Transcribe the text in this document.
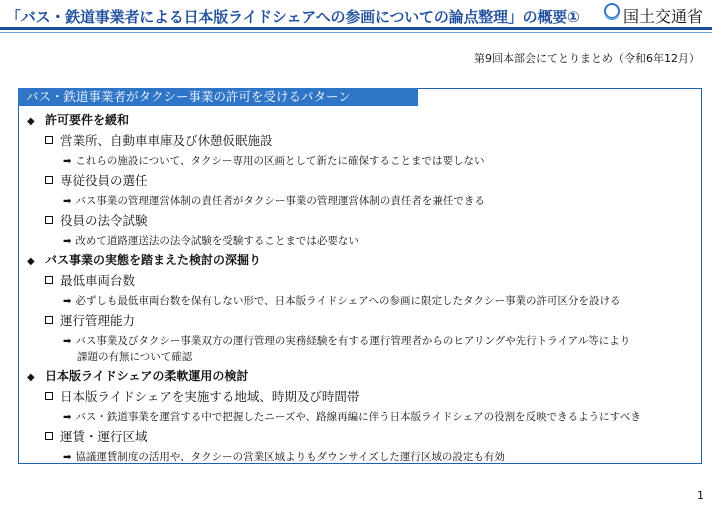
「バス・鉄道事業者による日本版ライドシェアへの参画についての論点整理」の概要①	国土交通省
第9回本部会にてとりまとめ（令和6年12月）
バス・鉄道事業者がタクシー事業の許可を受けるパターン
◆ 許可要件を緩和
営業所、自動車車庫及び休憩仮眠施設
➡ これらの施設について、タクシー専用の区画として新たに確保することまでは要しない
専従役員の選任
➡ バス事業の管理運営体制の責任者がタクシー事業の管理運営体制の責任者を兼任できる
役員の法令試験
➡ 改めて道路運送法の法令試験を受験することまでは必要ない
◆ バス事業の実態を踏まえた検討の深掘り
最低車両台数
➡ 必ずしも最低車両台数を保有しない形で、日本版ライドシェアへの参画に限定したタクシー事業の許可区分を設ける
運行管理能力
➡ バス事業及びタクシー事業双方の運行管理の実務経験を有する運行管理者からのヒアリングや先行トライアル等により
課題の有無について確認
◆ 日本版ライドシェアの柔軟運用の検討
日本版ライドシェアを実施する地域、時期及び時間帯
➡ バス・鉄道事業を運営する中で把握したニーズや、路線再編に伴う日本版ライドシェアの役割を反映できるようにすべき
運賃・運行区域
➡ 協議運賃制度の活用や、タクシーの営業区域よりもダウンサイズした運行区域の設定も有効
1
